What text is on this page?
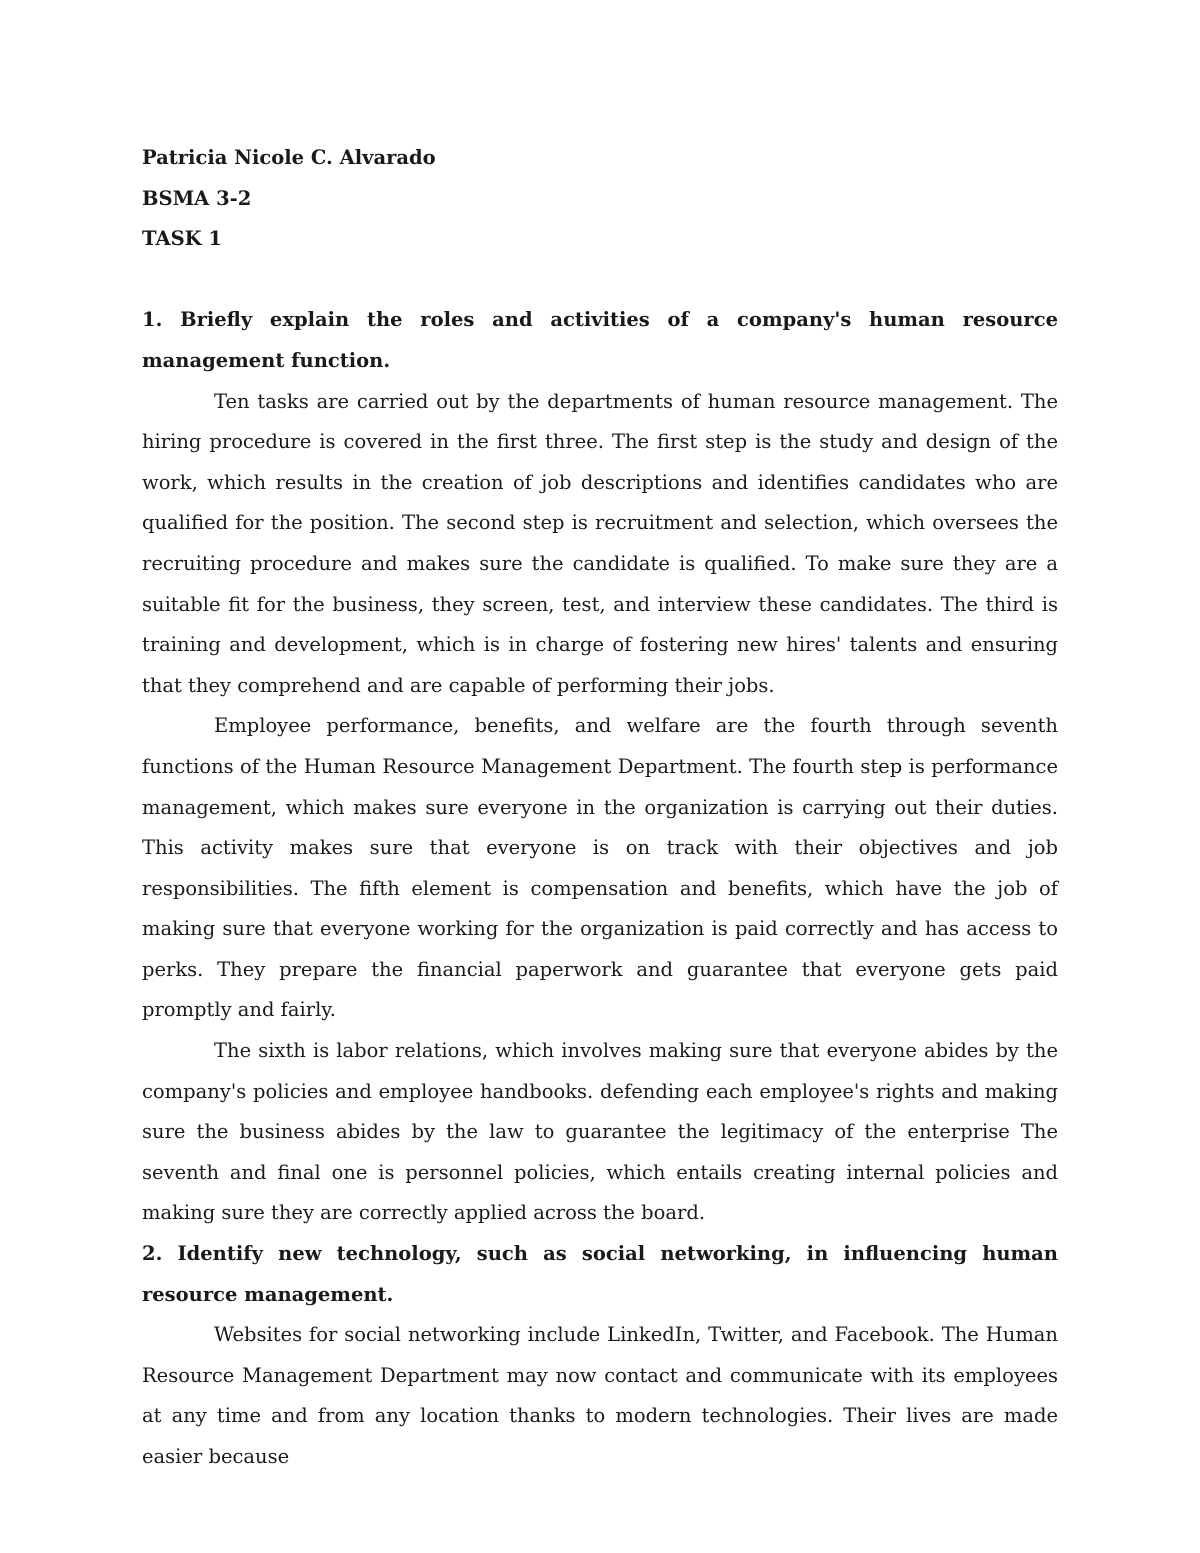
Patricia Nicole C. Alvarado

BSMA 3-2

TASK 1

1. Briefly explain the roles and activities of a company's human resource management function.

Ten tasks are carried out by the departments of human resource management. The hiring procedure is covered in the first three. The first step is the study and design of the work, which results in the creation of job descriptions and identifies candidates who are qualified for the position. The second step is recruitment and selection, which oversees the recruiting procedure and makes sure the candidate is qualified. To make sure they are a suitable fit for the business, they screen, test, and interview these candidates. The third is training and development, which is in charge of fostering new hires' talents and ensuring that they comprehend and are capable of performing their jobs.

Employee performance, benefits, and welfare are the fourth through seventh functions of the Human Resource Management Department. The fourth step is performance management, which makes sure everyone in the organization is carrying out their duties. This activity makes sure that everyone is on track with their objectives and job responsibilities. The fifth element is compensation and benefits, which have the job of making sure that everyone working for the organization is paid correctly and has access to perks. They prepare the financial paperwork and guarantee that everyone gets paid promptly and fairly.

The sixth is labor relations, which involves making sure that everyone abides by the company's policies and employee handbooks. defending each employee's rights and making sure the business abides by the law to guarantee the legitimacy of the enterprise The seventh and final one is personnel policies, which entails creating internal policies and making sure they are correctly applied across the board.

2. Identify new technology, such as social networking, in influencing human resource management.

Websites for social networking include LinkedIn, Twitter, and Facebook. The Human Resource Management Department may now contact and communicate with its employees at any time and from any location thanks to modern technologies. Their lives are made easier because
